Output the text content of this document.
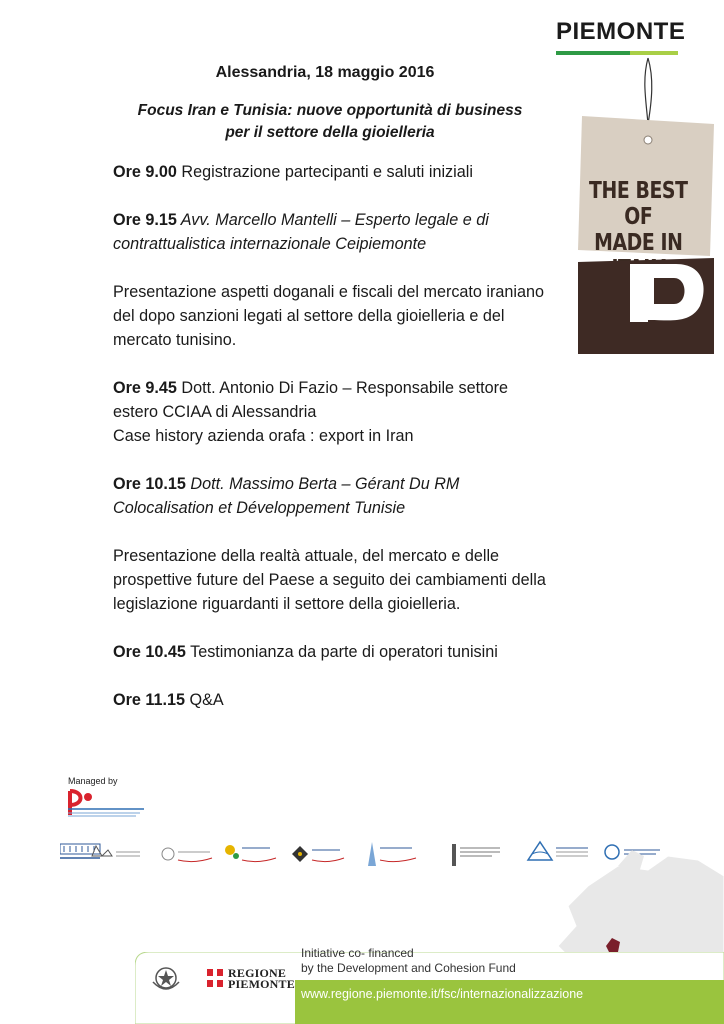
Alessandria, 18 maggio 2016
Focus Iran e Tunisia: nuove opportunità di business
per il settore della gioielleria
PIEMONTE
THE BEST OF
MADE IN
Ore 9.00 Registrazione partecipanti e saluti iniziali
Ore 9.15 Avv. Marcello Mantelli – Esperto legale e di contrattualistica internazionale Ceipiemonte
Presentazione aspetti doganali e fiscali del mercato iraniano del dopo sanzioni legati al settore della gioielleria e del mercato tunisino.
Ore 9.45 Dott. Antonio Di Fazio – Responsabile settore estero CCIAA di Alessandria
Case history azienda orafa : export in Iran
Ore 10.15 Dott. Massimo Berta – Gérant Du RM Colocalisation et Développement Tunisie
Presentazione della realtà attuale, del mercato e delle prospettive future del Paese a seguito dei cambiamenti della legislazione riguardanti il settore della gioielleria.
Ore 10.45 Testimonianza da parte di operatori tunisini
Ore 11.15 Q&A
Managed by
REGIONE
PIEMONTE
Initiative co- financed
by the Development and Cohesion Fund
www.regione.piemonte.it/fsc/internazionalizzazione
